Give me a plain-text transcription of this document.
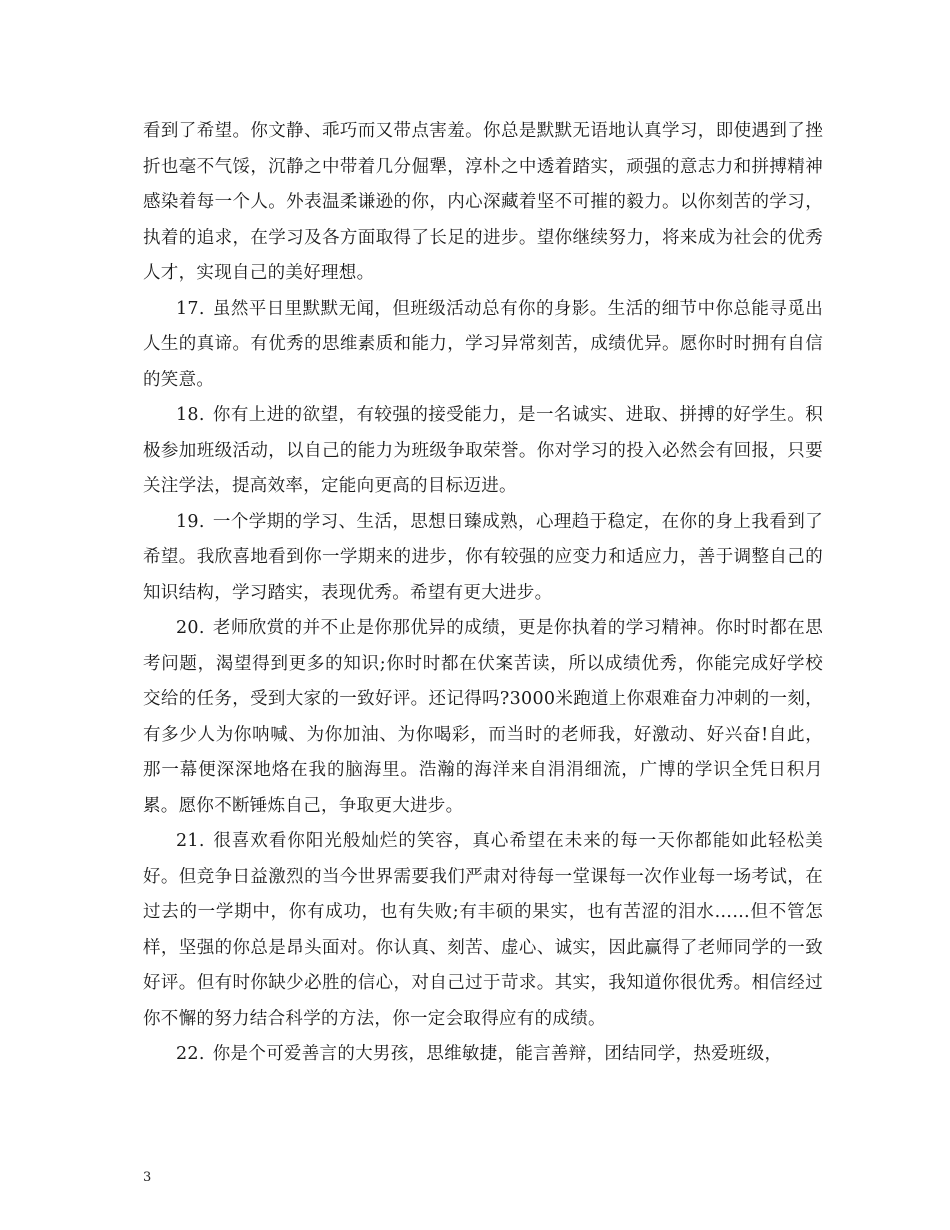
看到了希望。你文静、乖巧而又带点害羞。你总是默默无语地认真学习，即使遇到了挫折也毫不气馁，沉静之中带着几分倔犟，淳朴之中透着踏实，顽强的意志力和拼搏精神感染着每一个人。外表温柔谦逊的你，内心深藏着坚不可摧的毅力。以你刻苦的学习，执着的追求，在学习及各方面取得了长足的进步。望你继续努力，将来成为社会的优秀人才，实现自己的美好理想。

17. 虽然平日里默默无闻，但班级活动总有你的身影。生活的细节中你总能寻觅出人生的真谛。有优秀的思维素质和能力，学习异常刻苦，成绩优异。愿你时时拥有自信的笑意。

18. 你有上进的欲望，有较强的接受能力，是一名诚实、进取、拼搏的好学生。积极参加班级活动，以自己的能力为班级争取荣誉。你对学习的投入必然会有回报，只要关注学法，提高效率，定能向更高的目标迈进。

19. 一个学期的学习、生活，思想日臻成熟，心理趋于稳定，在你的身上我看到了希望。我欣喜地看到你一学期来的进步，你有较强的应变力和适应力，善于调整自己的知识结构，学习踏实，表现优秀。希望有更大进步。

20. 老师欣赏的并不止是你那优异的成绩，更是你执着的学习精神。你时时都在思考问题，渴望得到更多的知识;你时时都在伏案苦读，所以成绩优秀，你能完成好学校交给的任务，受到大家的一致好评。还记得吗?3000米跑道上你艰难奋力冲刺的一刻，有多少人为你呐喊、为你加油、为你喝彩，而当时的老师我，好激动、好兴奋!自此，那一幕便深深地烙在我的脑海里。浩瀚的海洋来自涓涓细流，广博的学识全凭日积月累。愿你不断锤炼自己，争取更大进步。

21. 很喜欢看你阳光般灿烂的笑容，真心希望在未来的每一天你都能如此轻松美好。但竞争日益激烈的当今世界需要我们严肃对待每一堂课每一次作业每一场考试，在过去的一学期中，你有成功，也有失败;有丰硕的果实，也有苦涩的泪水……但不管怎样，坚强的你总是昂头面对。你认真、刻苦、虚心、诚实，因此赢得了老师同学的一致好评。但有时你缺少必胜的信心，对自己过于苛求。其实，我知道你很优秀。相信经过你不懈的努力结合科学的方法，你一定会取得应有的成绩。

22. 你是个可爱善言的大男孩，思维敏捷，能言善辩，团结同学，热爱班级，

3
